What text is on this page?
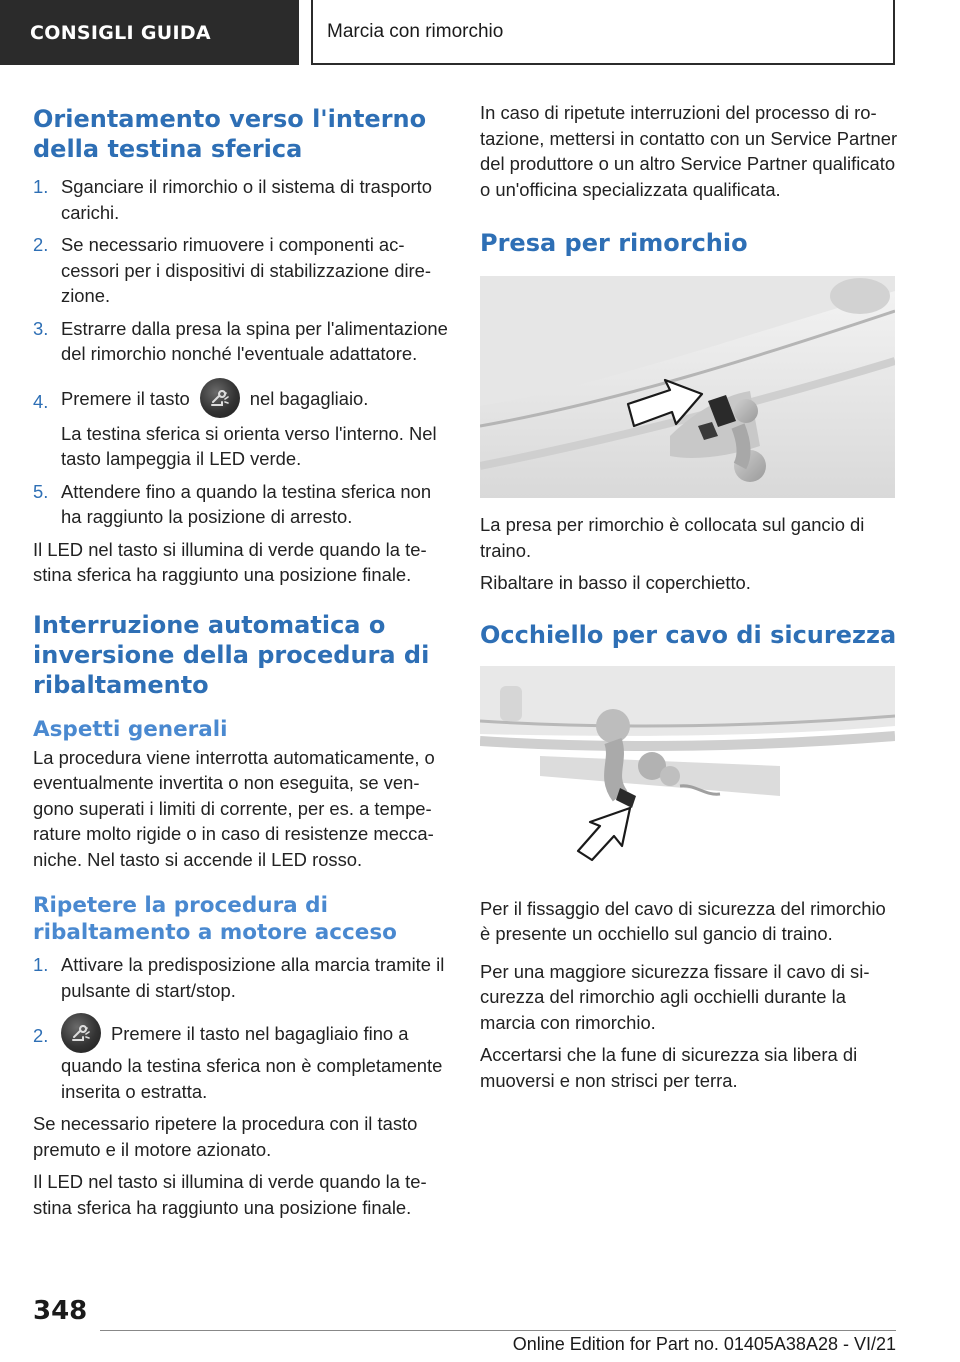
CONSIGLI GUIDA	Marcia con rimorchio
Orientamento verso l'interno della testina sferica
1. Sganciare il rimorchio o il sistema di trasporto carichi.
2. Se necessario rimuovere i componenti accessori per i dispositivi di stabilizzazione direzione.
3. Estrarre dalla presa la spina per l'alimentazione del rimorchio nonché l'eventuale adattatore.
4. Premere il tasto	nel bagagliaio.
La testina sferica si orienta verso l'interno. Nel tasto lampeggia il LED verde.
5. Attendere fino a quando la testina sferica non ha raggiunto la posizione di arresto.

Il LED nel tasto si illumina di verde quando la testina sferica ha raggiunto una posizione finale.

Interruzione automatica o inversione della procedura di ribaltamento
Aspetti generali

La procedura viene interrotta automaticamente, o eventualmente invertita o non eseguita, se vengono superati i limiti di corrente, per es. a temperature molto rigide o in caso di resistenze meccaniche. Nel tasto si accende il LED rosso.

Ripetere la procedura di ribaltamento a motore acceso
1. Attivare la predisposizione alla marcia tramite il pulsante di start/stop.
2.	Premere il tasto nel bagagliaio fino a quando la testina sferica non è completamente inserita o estratta.

Se necessario ripetere la procedura con il tasto premuto e il motore azionato.

Il LED nel tasto si illumina di verde quando la testina sferica ha raggiunto una posizione finale.

In caso di ripetute interruzioni del processo di rotazione, mettersi in contatto con un Service Partner del produttore o un altro Service Partner qualificato o un'officina specializzata qualificata.

Presa per rimorchio

La presa per rimorchio è collocata sul gancio di traino.

Ribaltare in basso il coperchietto.

Occhiello per cavo di sicurezza

Per il fissaggio del cavo di sicurezza del rimorchio è presente un occhiello sul gancio di traino.

Per una maggiore sicurezza fissare il cavo di sicurezza del rimorchio agli occhielli durante la marcia con rimorchio.

Accertarsi che la fune di sicurezza sia libera di muoversi e non strisci per terra.

348
Online Edition for Part no. 01405A38A28 - VI/21
